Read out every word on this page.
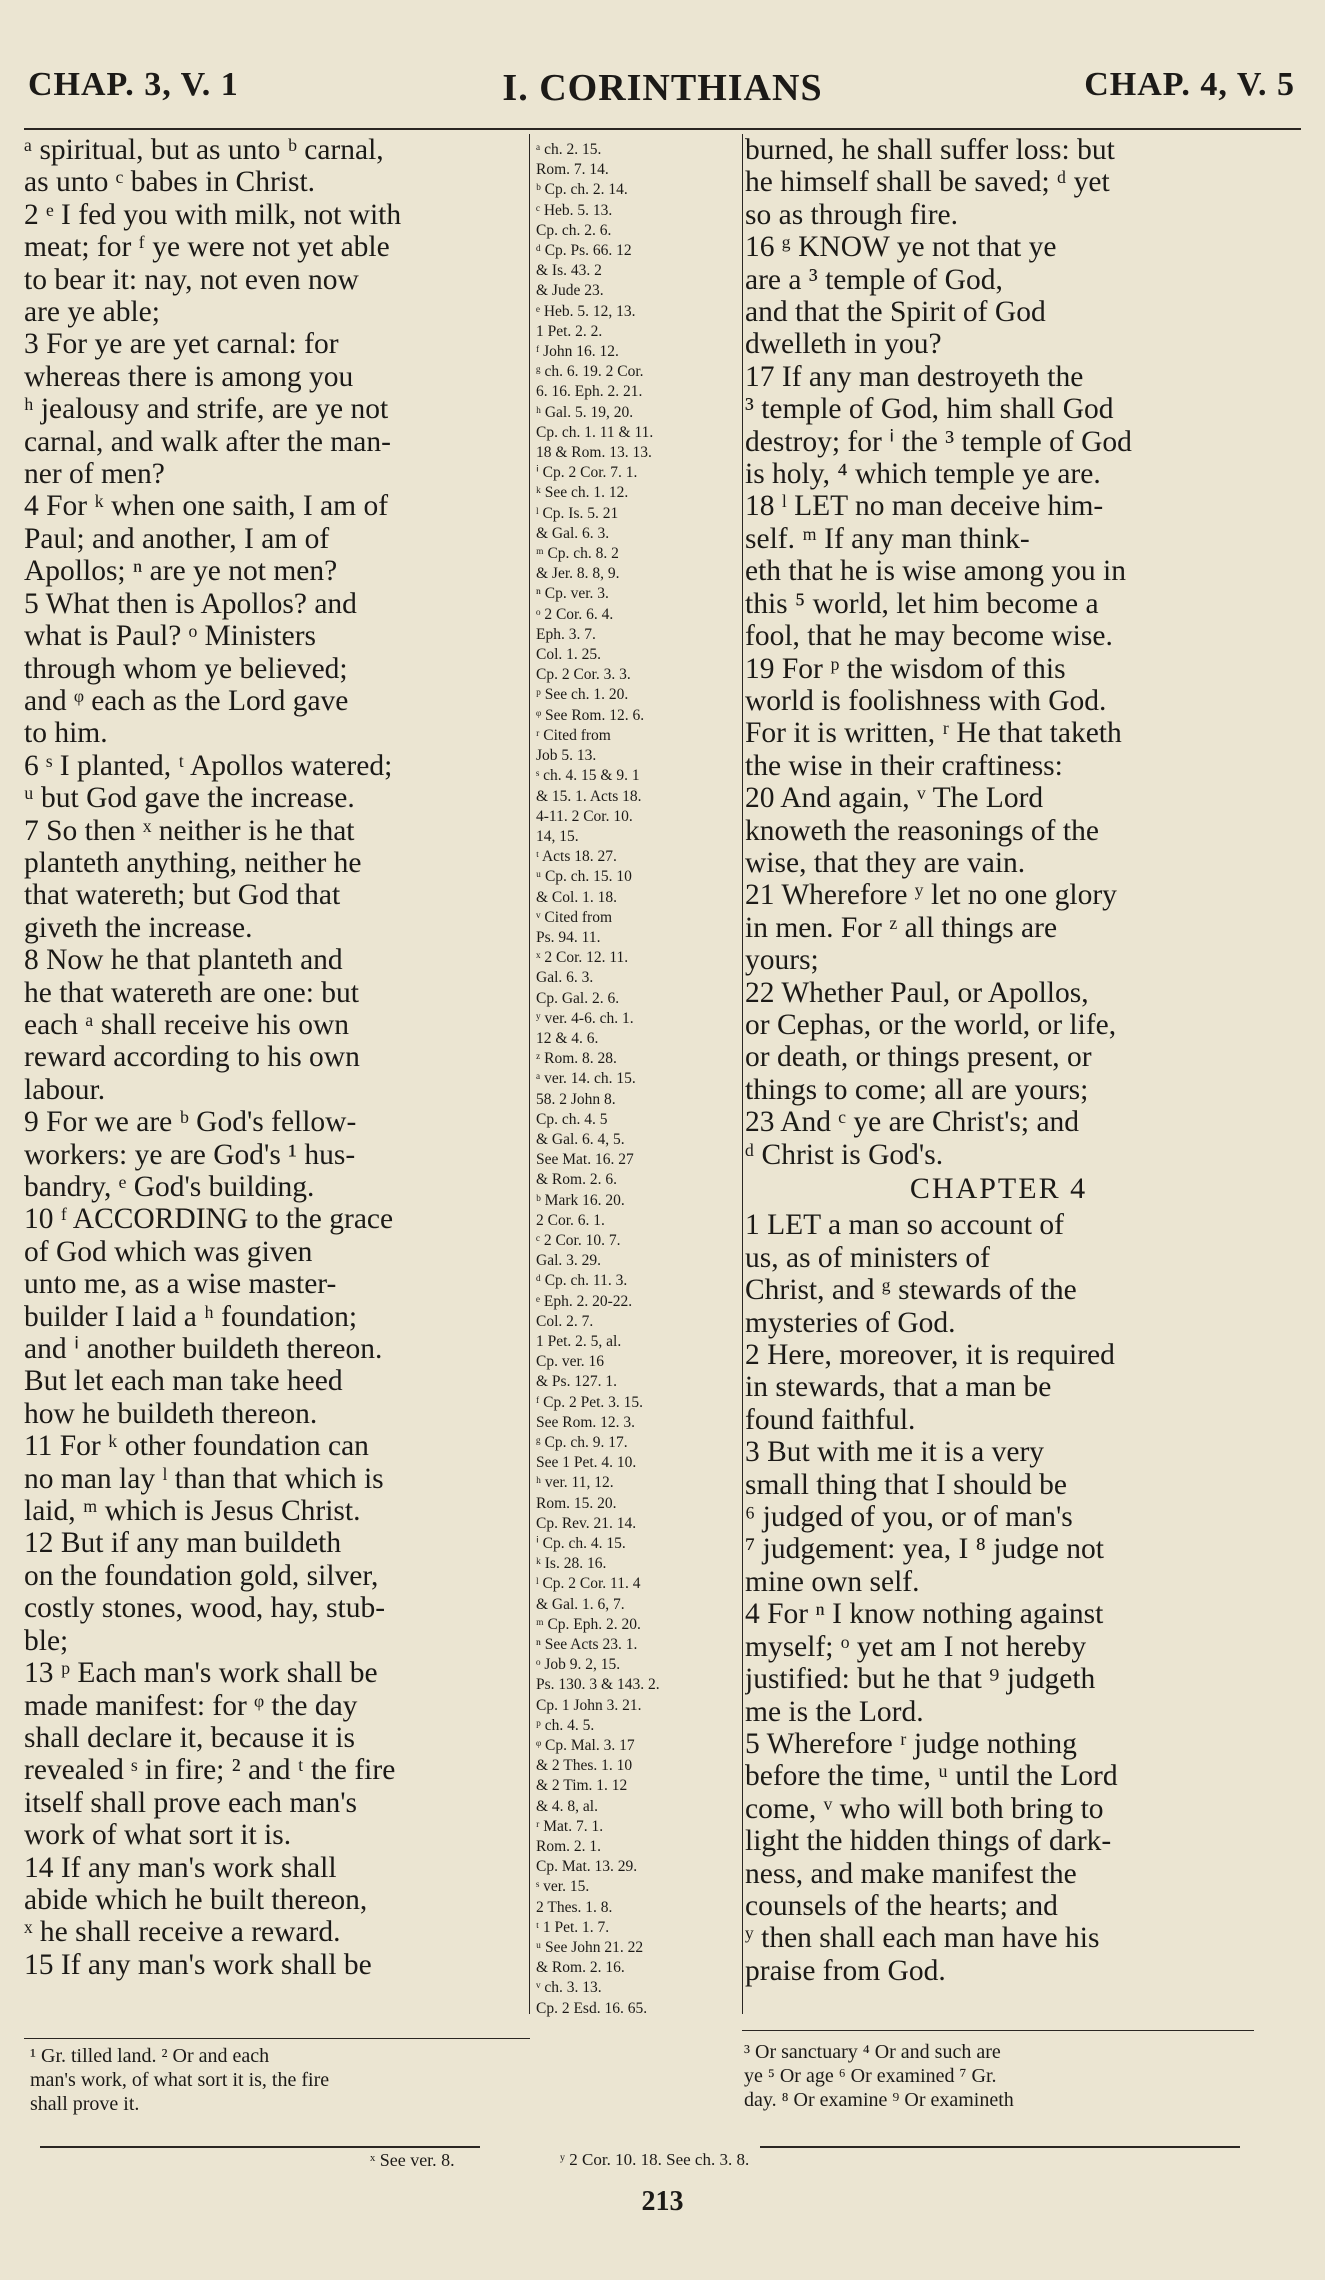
CHAP. 3, V. 1	I. CORINTHIANS	CHAP. 4, V. 5
ᵃ spiritual, but as unto ᵇ carnal,
as unto ᶜ babes in Christ.
2 ᵉ I fed you with milk, not with
meat; for ᶠ ye were not yet able
to bear it: nay, not even now
are ye able;
3 For ye are yet carnal: for
whereas there is among you
ʰ jealousy and strife, are ye not
carnal, and walk after the man-
ner of men?
4 For ᵏ when one saith, I am of
Paul; and another, I am of
Apollos; ⁿ are ye not men?
5 What then is Apollos? and
what is Paul? ᵒ Ministers
through whom ye believed;
and ᵠ each as the Lord gave
to him.
6 ˢ I planted, ᵗ Apollos watered;
ᵘ but God gave the increase.
7 So then ˣ neither is he that
planteth anything, neither he
that watereth; but God that
giveth the increase.
8 Now he that planteth and
he that watereth are one: but
each ᵃ shall receive his own
reward according to his own
labour.
9 For we are ᵇ God's fellow-
workers: ye are God's ¹ hus-
bandry, ᵉ God's building.
10 ᶠ ACCORDING to the grace
of God which was given
unto me, as a wise master-
builder I laid a ʰ foundation;
and ⁱ another buildeth thereon.
But let each man take heed
how he buildeth thereon.
11 For ᵏ other foundation can
no man lay ˡ than that which is
laid, ᵐ which is Jesus Christ.
12 But if any man buildeth
on the foundation gold, silver,
costly stones, wood, hay, stub-
ble;
13 ᵖ Each man's work shall be
made manifest: for ᵠ the day
shall declare it, because it is
revealed ˢ in fire; ² and ᵗ the fire
itself shall prove each man's
work of what sort it is.
14 If any man's work shall
abide which he built thereon,
ˣ he shall receive a reward.
15 If any man's work shall be
ᵃ ch. 2. 15.
Rom. 7. 14.
ᵇ Cp. ch. 2. 14.
ᶜ Heb. 5. 13.
Cp. ch. 2. 6.
ᵈ Cp. Ps. 66. 12
& Is. 43. 2
& Jude 23.
ᵉ Heb. 5. 12, 13.
1 Pet. 2. 2.
ᶠ John 16. 12.
ᵍ ch. 6. 19. 2 Cor.
6. 16. Eph. 2. 21.
ʰ Gal. 5. 19, 20.
Cp. ch. 1. 11 & 11.
18 & Rom. 13. 13.
ⁱ Cp. 2 Cor. 7. 1.
ᵏ See ch. 1. 12.
ˡ Cp. Is. 5. 21
& Gal. 6. 3.
ᵐ Cp. ch. 8. 2
& Jer. 8. 8, 9.
ⁿ Cp. ver. 3.
ᵒ 2 Cor. 6. 4.
Eph. 3. 7.
Col. 1. 25.
Cp. 2 Cor. 3. 3.
ᵖ See ch. 1. 20.
ᵠ See Rom. 12. 6.
ʳ Cited from
Job 5. 13.
ˢ ch. 4. 15 & 9. 1
& 15. 1. Acts 18.
4-11. 2 Cor. 10.
14, 15.
ᵗ Acts 18. 27.
ᵘ Cp. ch. 15. 10
& Col. 1. 18.
ᵛ Cited from
Ps. 94. 11.
ˣ 2 Cor. 12. 11.
Gal. 6. 3.
Cp. Gal. 2. 6.
ʸ ver. 4-6. ch. 1.
12 & 4. 6.
ᶻ Rom. 8. 28.
ᵃ ver. 14. ch. 15.
58. 2 John 8.
Cp. ch. 4. 5
& Gal. 6. 4, 5.
See Mat. 16. 27
& Rom. 2. 6.
ᵇ Mark 16. 20.
2 Cor. 6. 1.
ᶜ 2 Cor. 10. 7.
Gal. 3. 29.
ᵈ Cp. ch. 11. 3.
ᵉ Eph. 2. 20-22.
Col. 2. 7.
1 Pet. 2. 5, al.
Cp. ver. 16
& Ps. 127. 1.
ᶠ Cp. 2 Pet. 3. 15.
See Rom. 12. 3.
ᵍ Cp. ch. 9. 17.
See 1 Pet. 4. 10.
ʰ ver. 11, 12.
Rom. 15. 20.
Cp. Rev. 21. 14.
ⁱ Cp. ch. 4. 15.
ᵏ Is. 28. 16.
ˡ Cp. 2 Cor. 11. 4
& Gal. 1. 6, 7.
ᵐ Cp. Eph. 2. 20.
ⁿ See Acts 23. 1.
ᵒ Job 9. 2, 15.
Ps. 130. 3 & 143. 2.
Cp. 1 John 3. 21.
ᵖ ch. 4. 5.
ᵠ Cp. Mal. 3. 17
& 2 Thes. 1. 10
& 2 Tim. 1. 12
& 4. 8, al.
ʳ Mat. 7. 1.
Rom. 2. 1.
Cp. Mat. 13. 29.
ˢ ver. 15.
2 Thes. 1. 8.
ᵗ 1 Pet. 1. 7.
ᵘ See John 21. 22
& Rom. 2. 16.
ᵛ ch. 3. 13.
Cp. 2 Esd. 16. 65.
burned, he shall suffer loss: but
he himself shall be saved; ᵈ yet
so as through fire.
16 ᵍ KNOW ye not that ye
are a ³ temple of God,
and that the Spirit of God
dwelleth in you?
17 If any man destroyeth the
³ temple of God, him shall God
destroy; for ⁱ the ³ temple of God
is holy, ⁴ which temple ye are.
18 ˡ LET no man deceive him-
self. ᵐ If any man think-
eth that he is wise among you in
this ⁵ world, let him become a
fool, that he may become wise.
19 For ᵖ the wisdom of this
world is foolishness with God.
For it is written, ʳ He that taketh
the wise in their craftiness:
20 And again, ᵛ The Lord
knoweth the reasonings of the
wise, that they are vain.
21 Wherefore ʸ let no one glory
in men. For ᶻ all things are
yours;
22 Whether Paul, or Apollos,
or Cephas, or the world, or life,
or death, or things present, or
things to come; all are yours;
23 And ᶜ ye are Christ's; and
ᵈ Christ is God's.
CHAPTER 4
1 LET a man so account of
us, as of ministers of
Christ, and ᵍ stewards of the
mysteries of God.
2 Here, moreover, it is required
in stewards, that a man be
found faithful.
3 But with me it is a very
small thing that I should be
⁶ judged of you, or of man's
⁷ judgement: yea, I ⁸ judge not
mine own self.
4 For ⁿ I know nothing against
myself; ᵒ yet am I not hereby
justified: but he that ⁹ judgeth
me is the Lord.
5 Wherefore ʳ judge nothing
before the time, ᵘ until the Lord
come, ᵛ who will both bring to
light the hidden things of dark-
ness, and make manifest the
counsels of the hearts; and
ʸ then shall each man have his
praise from God.
¹ Gr. tilled land. ² Or and each
man's work, of what sort it is, the fire
shall prove it.
³ Or sanctuary ⁴ Or and such are
ye ⁵ Or age ⁶ Or examined ⁷ Gr.
day. ⁸ Or examine ⁹ Or examineth
ˣ See ver. 8.	ʸ 2 Cor. 10. 18. See ch. 3. 8.
213
